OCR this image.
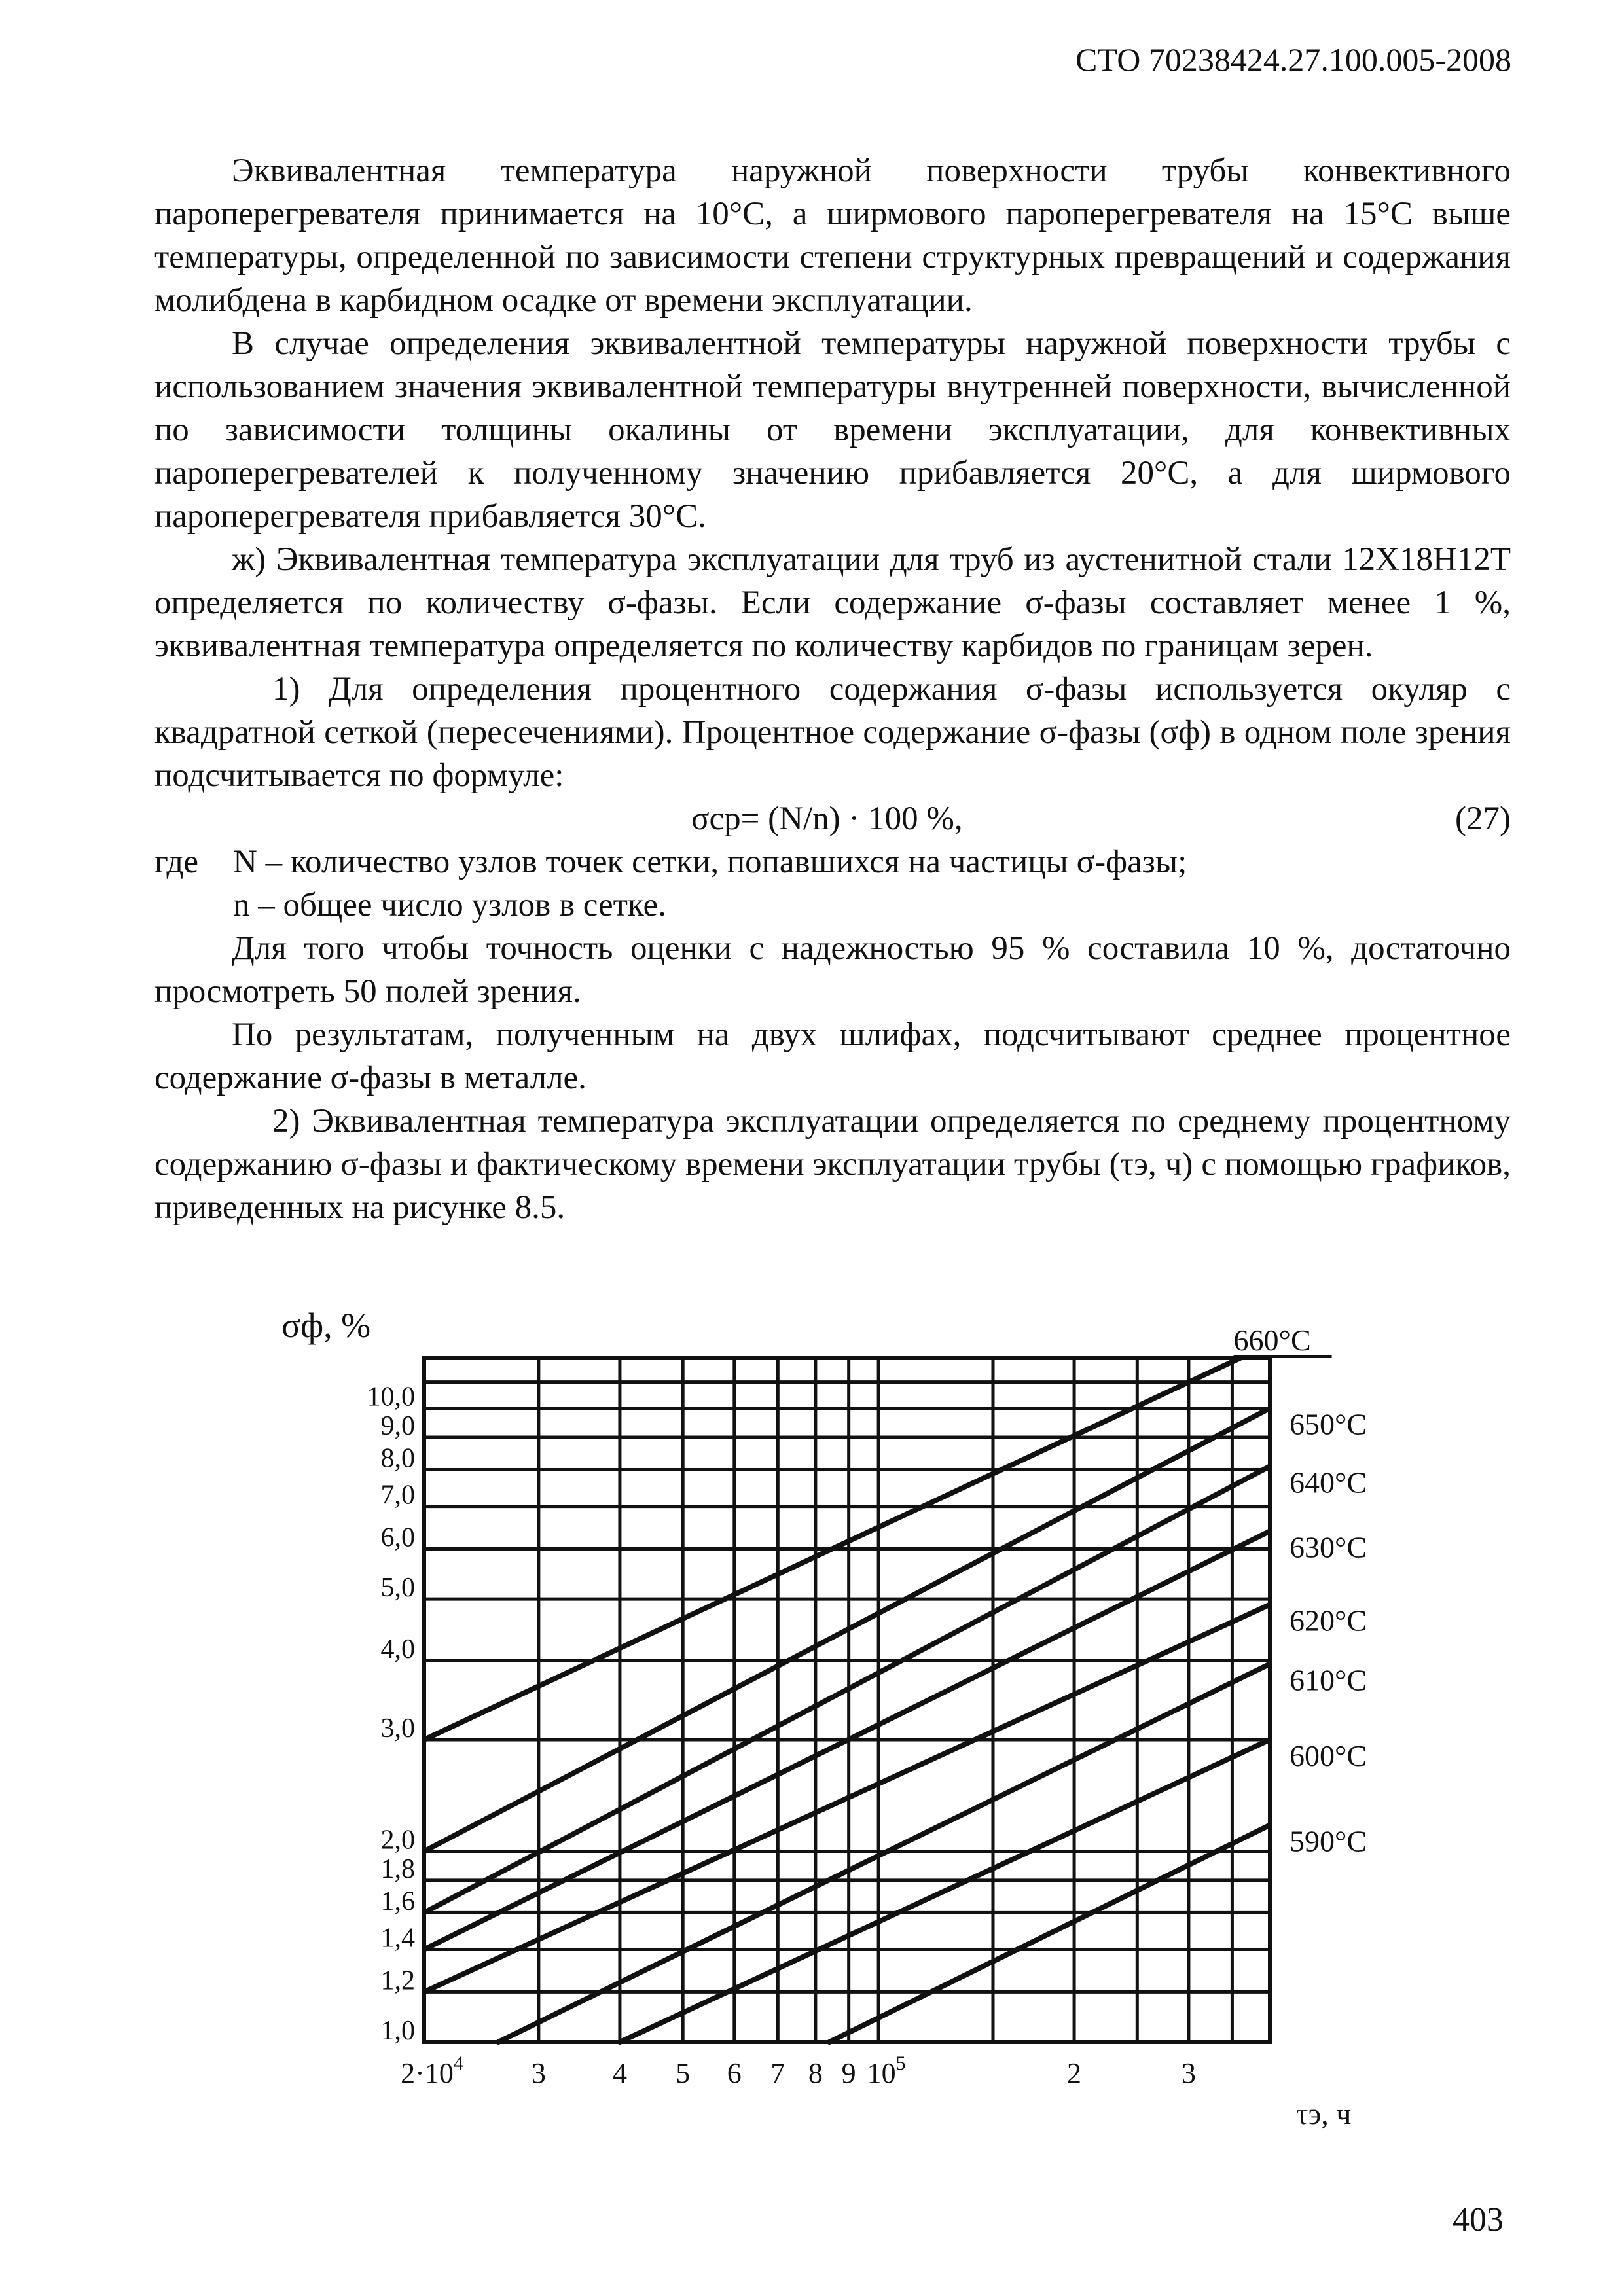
СТО 70238424.27.100.005-2008

Эквивалентная температура наружной поверхности трубы конвективного пароперегревателя принимается на 10°С, а ширмового пароперегревателя на 15°С выше температуры, определенной по зависимости степени структурных превращений и содержания молибдена в карбидном осадке от времени эксплуатации.

В случае определения эквивалентной температуры наружной поверхности трубы с использованием значения эквивалентной температуры внутренней поверхности, вычисленной по зависимости толщины окалины от времени эксплуатации, для конвективных пароперегревателей к полученному значению прибавляется 20°С, а для ширмового пароперегревателя прибавляется 30°С.

ж) Эквивалентная температура эксплуатации для труб из аустенитной стали 12Х18Н12Т определяется по количеству σ-фазы. Если содержание σ-фазы составляет менее 1 %, эквивалентная температура определяется по количеству карбидов по границам зерен.

1) Для определения процентного содержания σ-фазы используется окуляр с квадратной сеткой (пересечениями). Процентное содержание σ-фазы (σф) в одном поле зрения подсчитывается по формуле:

σср= (N/n) · 100 %,	(27)
где	N – количество узлов точек сетки, попавшихся на частицы σ-фазы;
n – общее число узлов в сетке.

Для того чтобы точность оценки с надежностью 95 % составила 10 %, достаточно просмотреть 50 полей зрения.

По результатам, полученным на двух шлифах, подсчитывают среднее процентное содержание σ-фазы в металле.

2) Эквивалентная температура эксплуатации определяется по среднему процентному содержанию σ-фазы и фактическому времени эксплуатации трубы (τэ, ч) с помощью графиков, приведенных на рисунке 8.5.

10,0
9,0
8,0
7,0
6,0
5,0
4,0
3,0
2,0
1,8
1,6
1,4
1,2
1,0
$2\cdot 10^4$ 3 4 5 6 7 8 9 $10^5$	2	3
σф, %
τэ, ч
660°С
650°С
640°С
630°С
620°С
610°С
600°С
590°С
403
